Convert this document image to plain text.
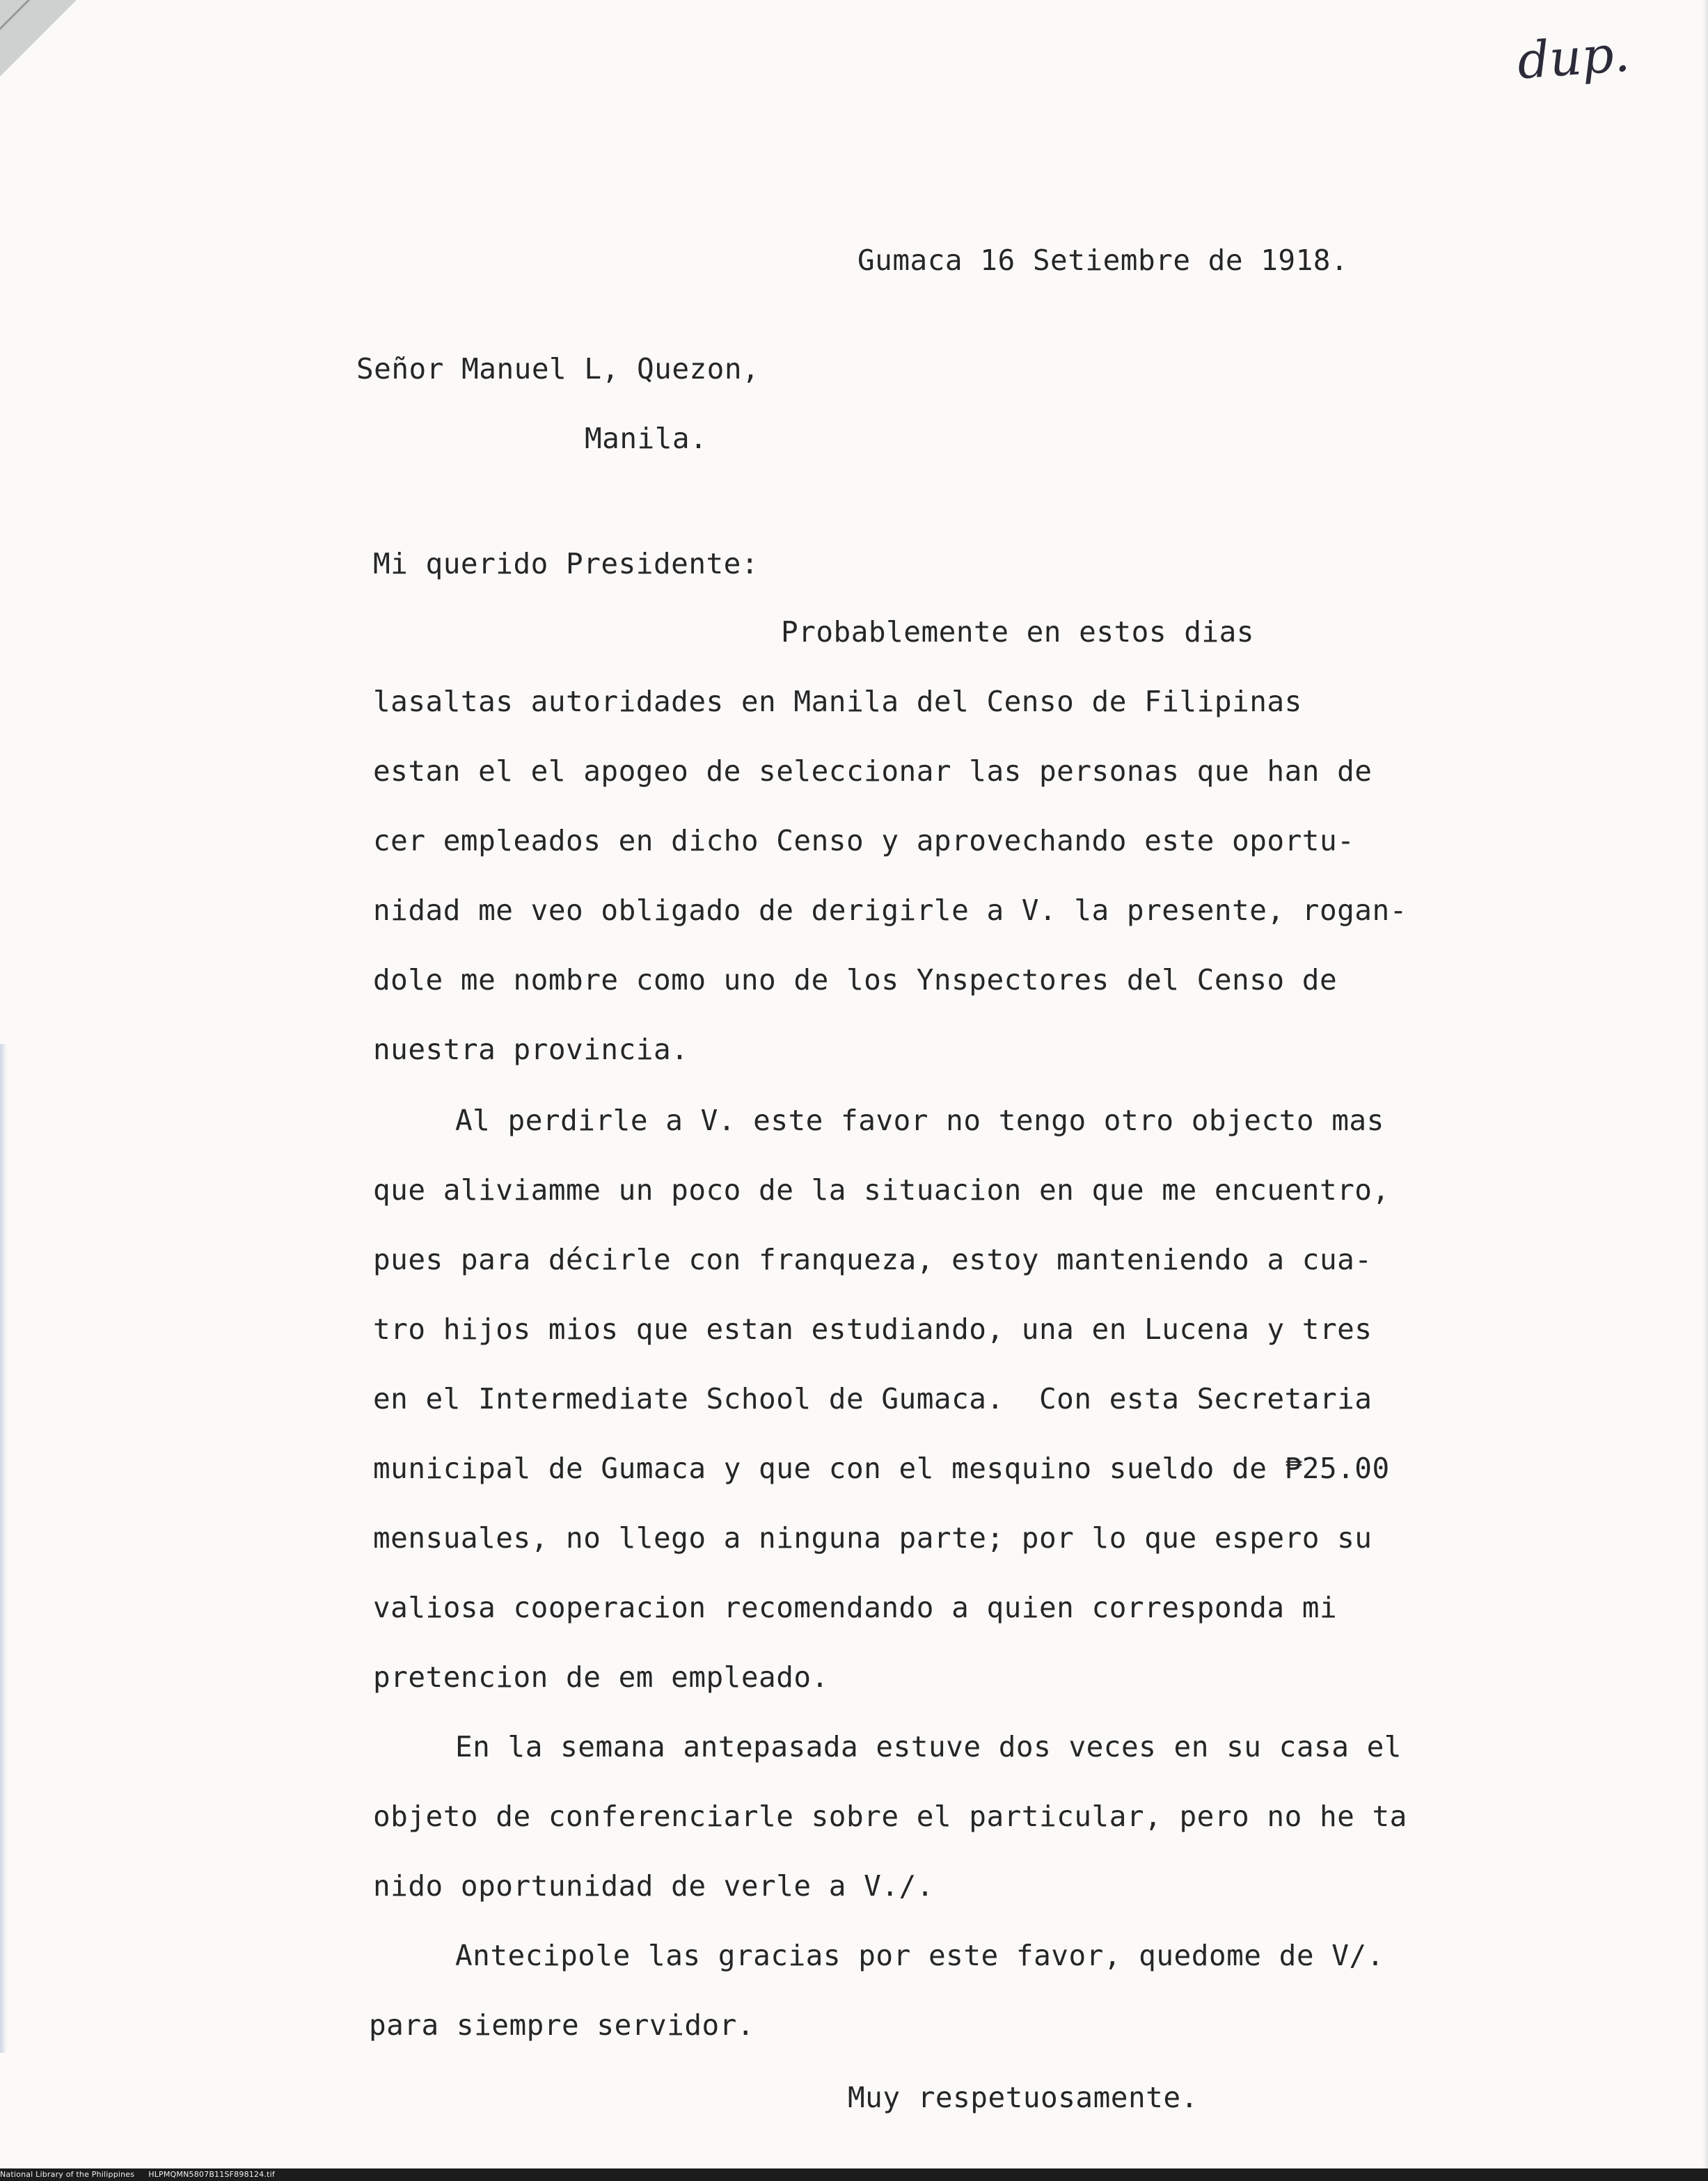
dup.
Gumaca 16 Setiembre de 1918.
Señor Manuel L, Quezon,
Manila.
Mi querido Presidente:
Probablemente en estos dias
lasaltas autoridades en Manila del Censo de Filipinas
estan el el apogeo de seleccionar las personas que han de
cer empleados en dicho Censo y aprovechando este oportu-
nidad me veo obligado de derigirle a V. la presente, rogan-
dole me nombre como uno de los Ynspectores del Censo de
nuestra provincia.
Al perdirle a V. este favor no tengo otro objecto mas
que aliviamme un poco de la situacion en que me encuentro,
pues para décirle con franqueza, estoy manteniendo a cua-
tro hijos mios que estan estudiando, una en Lucena y tres
en el Intermediate School de Gumaca.  Con esta Secretaria
municipal de Gumaca y que con el mesquino sueldo de ₱25.00
mensuales, no llego a ninguna parte; por lo que espero su
valiosa cooperacion recomendando a quien corresponda mi
pretencion de em empleado.
En la semana antepasada estuve dos veces en su casa el
objeto de conferenciarle sobre el particular, pero no he ta
nido oportunidad de verle a V./.
Antecipole las gracias por este favor, quedome de V/.
para siempre servidor.
Muy respetuosamente.
National Library of the Philippines HLPMQMN5807B11SF898124.tif
